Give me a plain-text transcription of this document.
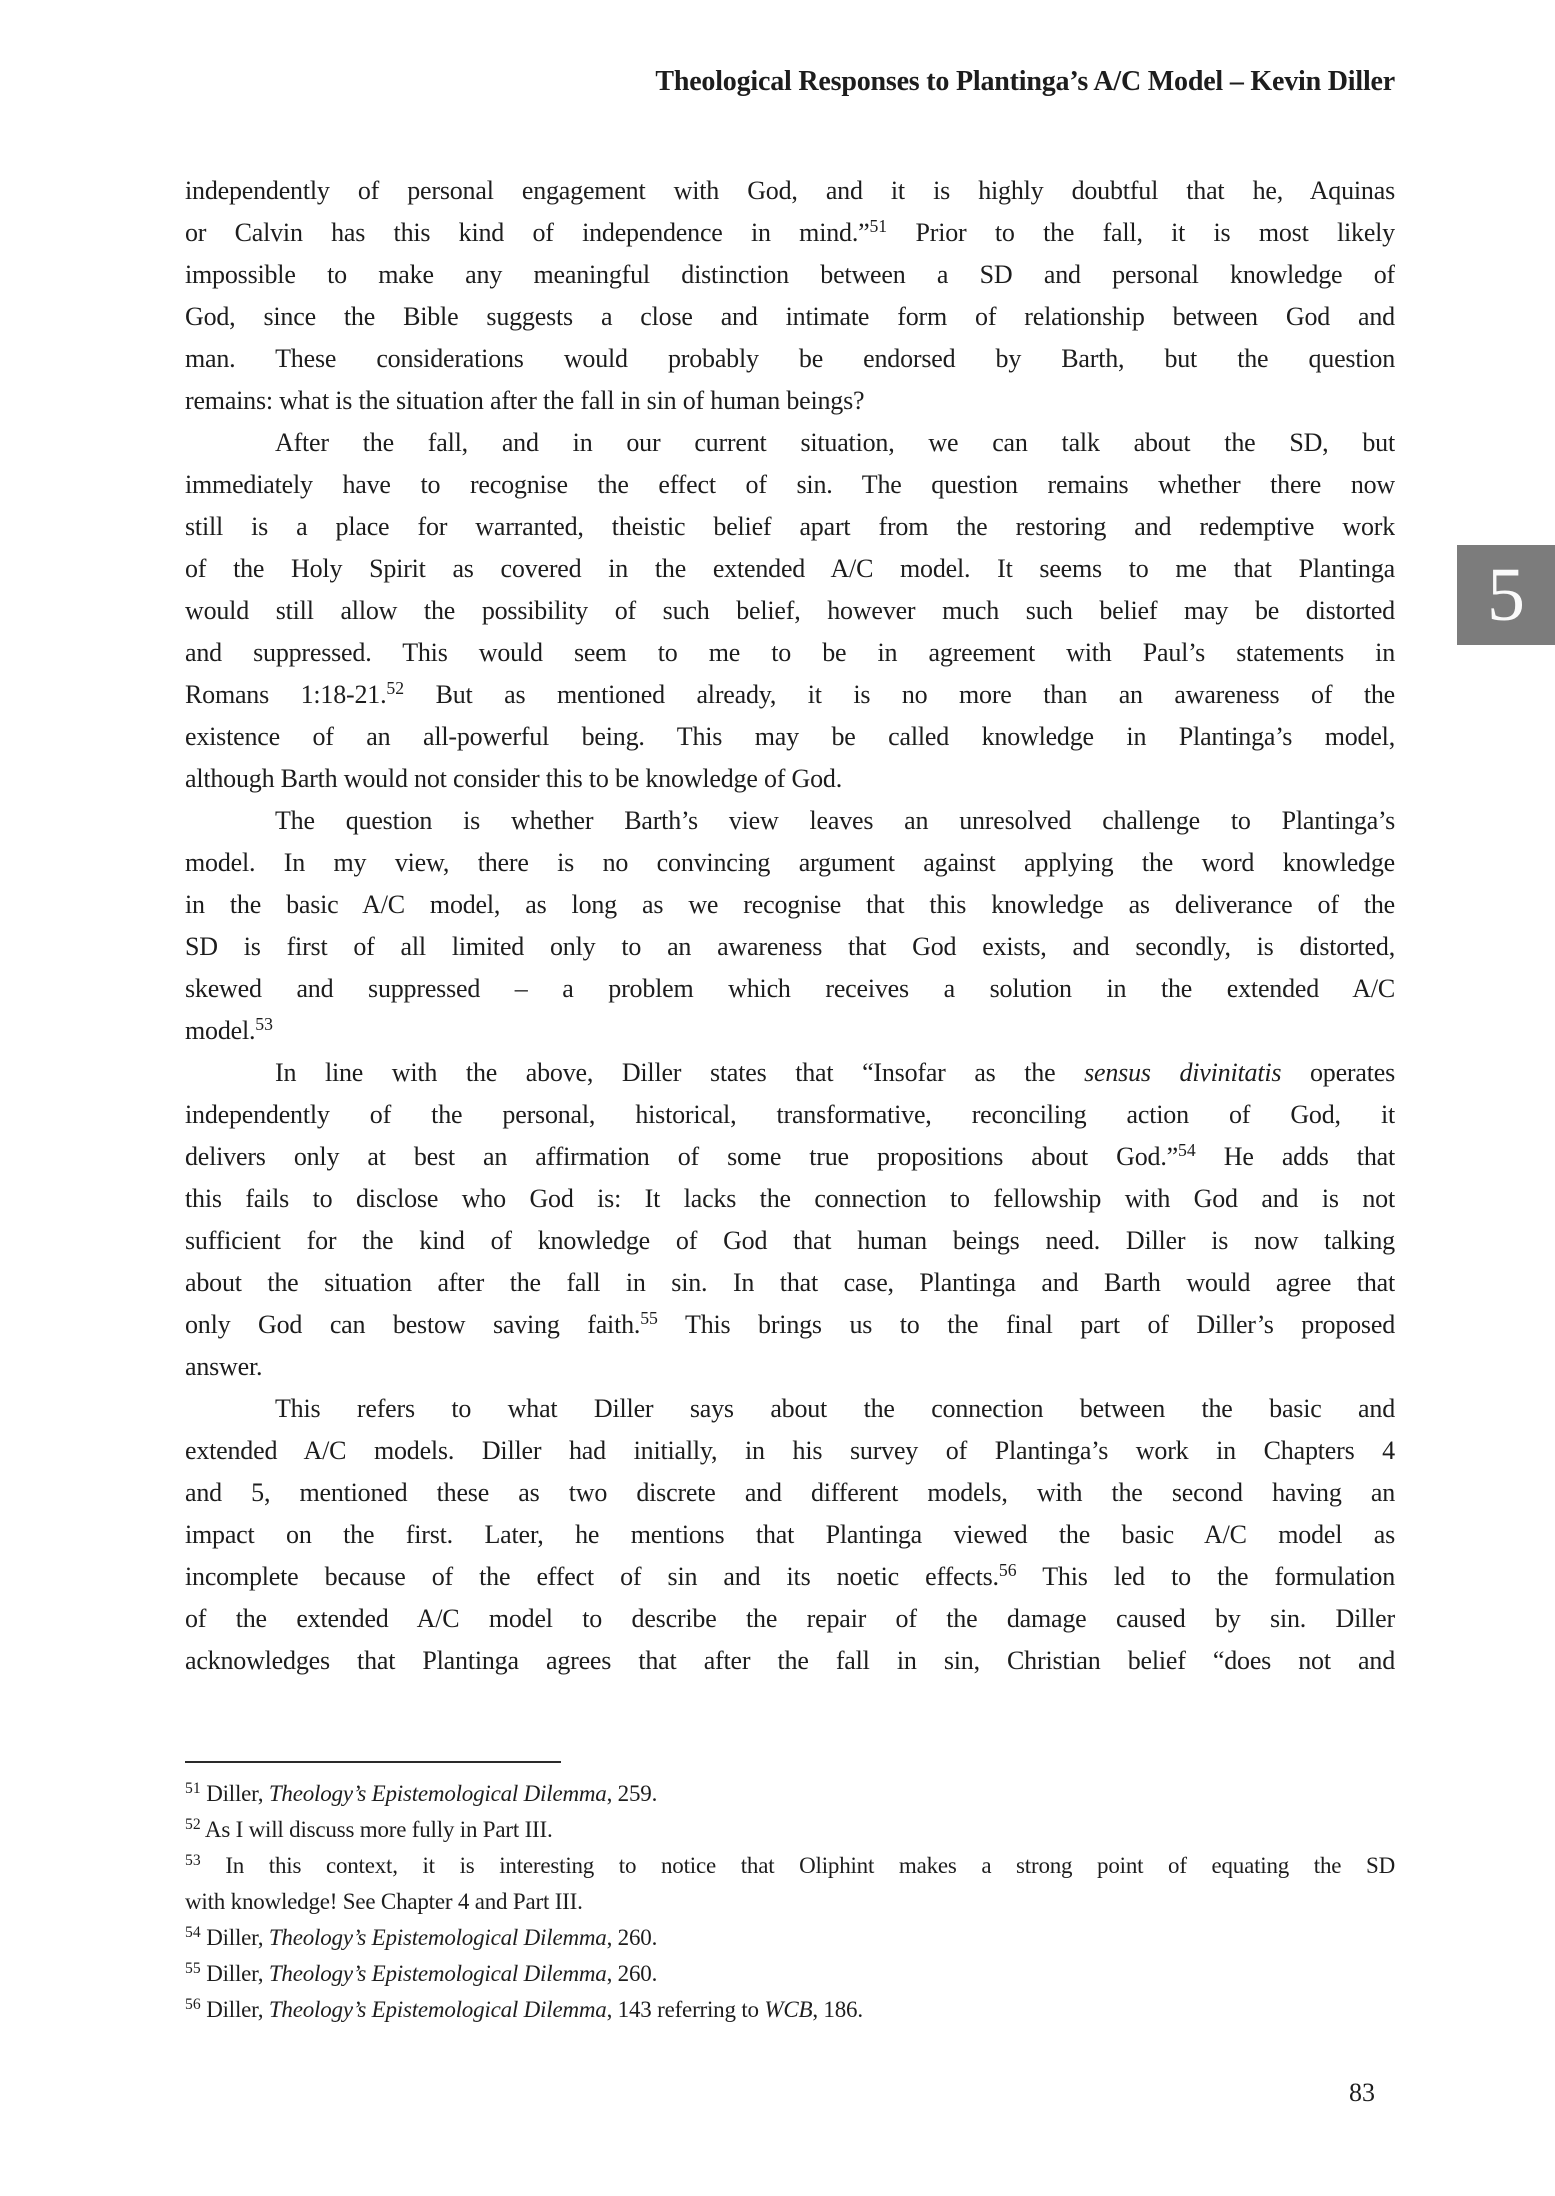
Theological Responses to Plantinga’s A/C Model – Kevin Diller
5
independently of personal engagement with God, and it is highly doubtful that he, Aquinas
or Calvin has this kind of independence in mind.”$^{51}$ Prior to the fall, it is most likely
impossible to make any meaningful distinction between a SD and personal knowledge of
God, since the Bible suggests a close and intimate form of relationship between God and
man. These considerations would probably be endorsed by Barth, but the question
remains: what is the situation after the fall in sin of human beings?
After the fall, and in our current situation, we can talk about the SD, but
immediately have to recognise the effect of sin. The question remains whether there now
still is a place for warranted, theistic belief apart from the restoring and redemptive work
of the Holy Spirit as covered in the extended A/C model. It seems to me that Plantinga
would still allow the possibility of such belief, however much such belief may be distorted
and suppressed. This would seem to me to be in agreement with Paul’s statements in
Romans 1:18-21.52 But as mentioned already, it is no more than an awareness of the
existence of an all-powerful being. This may be called knowledge in Plantinga’s model,
although Barth would not consider this to be knowledge of God.
The question is whether Barth’s view leaves an unresolved challenge to Plantinga’s
model. In my view, there is no convincing argument against applying the word knowledge
in the basic A/C model, as long as we recognise that this knowledge as deliverance of the
SD is first of all limited only to an awareness that God exists, and secondly, is distorted,
skewed and suppressed – a problem which receives a solution in the extended A/C
model.$^{53}$
In line with the above, Diller states that “Insofar as the sensus divinitatis operates
independently of the personal, historical, transformative, reconciling action of God, it
delivers only at best an affirmation of some true propositions about God.”$^{54}$ He adds that
this fails to disclose who God is: It lacks the connection to fellowship with God and is not
sufficient for the kind of knowledge of God that human beings need. Diller is now talking
about the situation after the fall in sin. In that case, Plantinga and Barth would agree that
only God can bestow saving faith.$^{55}$ This brings us to the final part of Diller’s proposed
answer.
This refers to what Diller says about the connection between the basic and
extended A/C models. Diller had initially, in his survey of Plantinga’s work in Chapters 4
and 5, mentioned these as two discrete and different models, with the second having an
impact on the first. Later, he mentions that Plantinga viewed the basic A/C model as
incomplete because of the effect of sin and its noetic effects.$^{56}$ This led to the formulation
of the extended A/C model to describe the repair of the damage caused by sin. Diller
acknowledges that Plantinga agrees that after the fall in sin, Christian belief “does not and
$^{51}$ Diller, Theology’s Epistemological Dilemma, 259.
$^{52}$ As I will discuss more fully in Part III.
$^{53}$ In this context, it is interesting to notice that Oliphint makes a strong point of equating the SD
with knowledge! See Chapter 4 and Part III.
$^{54}$ Diller, Theology’s Epistemological Dilemma, 260.
$^{55}$ Diller, Theology’s Epistemological Dilemma, 260.
$^{56}$ Diller, Theology’s Epistemological Dilemma, 143 referring to WCB, 186.
83
